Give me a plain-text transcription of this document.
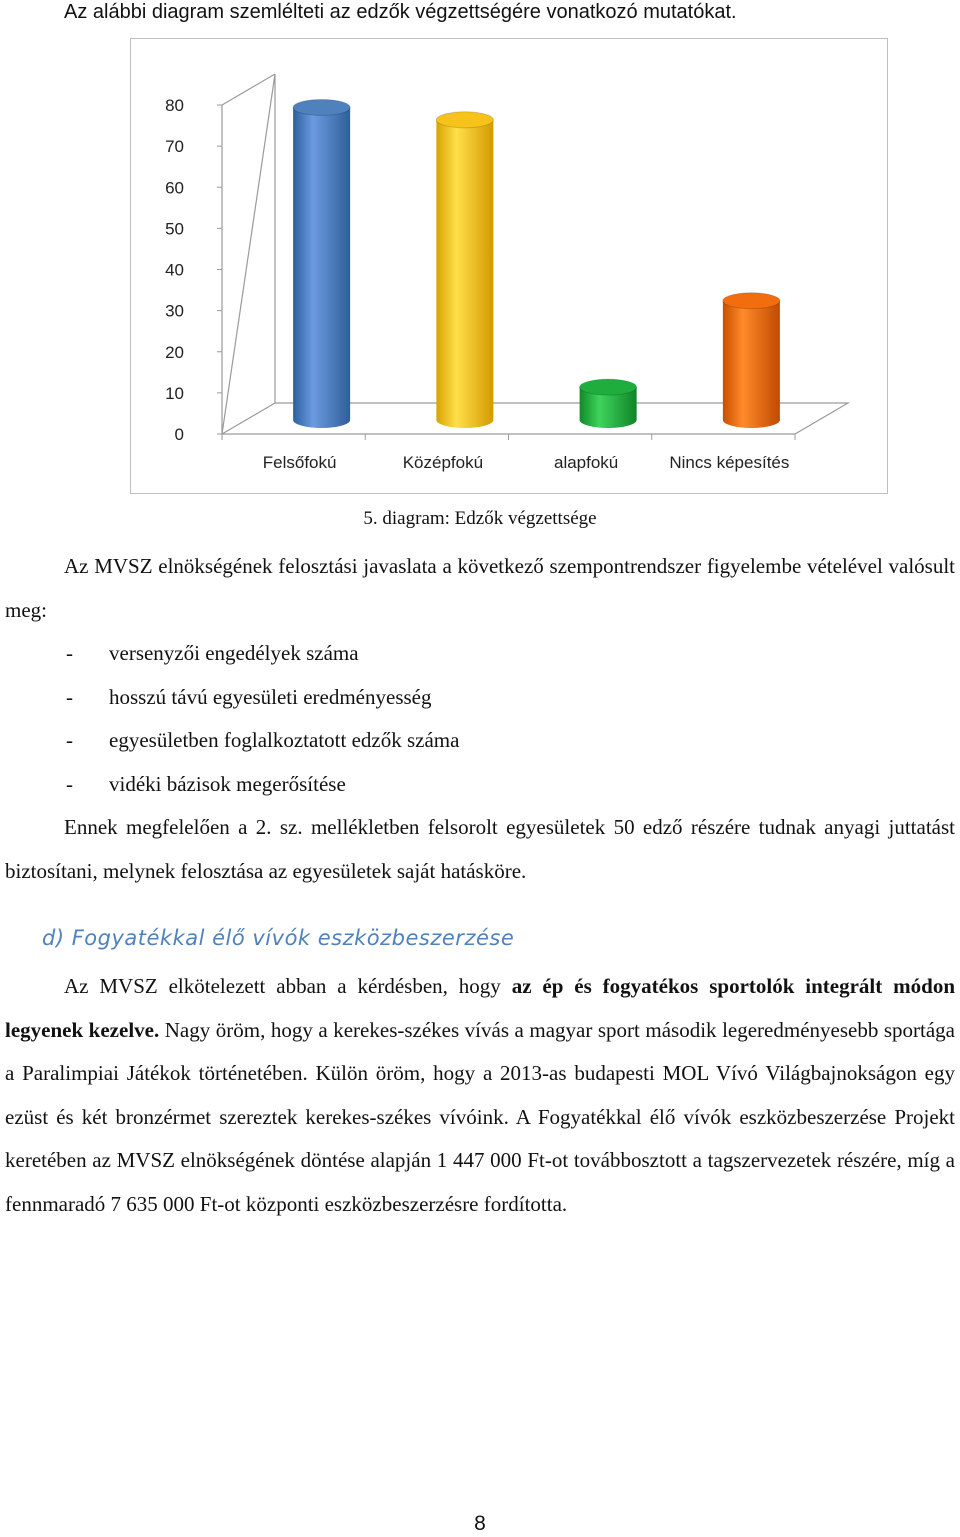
Az alábbi diagram szemlélteti az edzők végzettségére vonatkozó mutatókat.
0
10
20
30
40
50
60
70
80
Felsőfokú	Középfokú	alapfokú	Nincs képesítés
5. diagram: Edzők végzettsége
Az MVSZ elnökségének felosztási javaslata a következő szempontrendszer figyelembe vételével valósult meg:
-	versenyzői engedélyek száma
-	hosszú távú egyesületi eredményesség
-	egyesületben foglalkoztatott edzők száma
-	vidéki bázisok megerősítése
Ennek megfelelően a 2. sz. mellékletben felsorolt egyesületek 50 edző részére tudnak anyagi juttatást biztosítani, melynek felosztása az egyesületek saját hatásköre.
d) Fogyatékkal élő vívók eszközbeszerzése
Az MVSZ elkötelezett abban a kérdésben, hogy az ép és fogyatékos sportolók integrált módon legyenek kezelve. Nagy öröm, hogy a kerekes-székes vívás a magyar sport második legeredményesebb sportága a Paralimpiai Játékok történetében. Külön öröm, hogy a 2013-as budapesti MOL Vívó Világbajnokságon egy ezüst és két bronzérmet szereztek kerekes-székes vívóink. A Fogyatékkal élő vívók eszközbeszerzése Projekt keretében az MVSZ elnökségének döntése alapján 1 447 000 Ft-ot továbbosztott a tagszervezetek részére, míg a fennmaradó 7 635 000 Ft-ot központi eszközbeszerzésre fordította.
8
